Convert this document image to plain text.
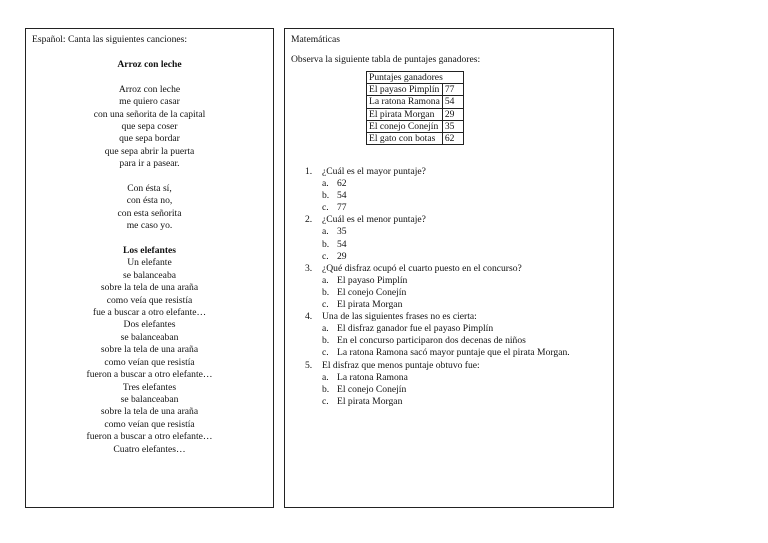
Español: Canta las siguientes canciones:
Arroz con leche
Arroz con leche
me quiero casar
con una señorita de la capital
que sepa coser
que sepa bordar
que sepa abrir la puerta
para ir a pasear.
Con ésta sí,
con ésta no,
con esta señorita
me caso yo.
Los elefantes
Un elefante
se balanceaba
sobre la tela de una araña
como veía que resistía
fue a buscar a otro elefante…
Dos elefantes
se balanceaban
sobre la tela de una araña
como veían que resistía
fueron a buscar a otro elefante…
Tres elefantes
se balanceaban
sobre la tela de una araña
como veían que resistía
fueron a buscar a otro elefante…
Cuatro elefantes…
Matemáticas
Observa la siguiente tabla de puntajes ganadores:
Puntajes ganadores	
El payaso Pimplín	77
La ratona Ramona	54
El pirata Morgan	29
El conejo Conejín	35
El gato con botas	62
1.	¿Cuál es el mayor puntaje?
a. 62
b. 54
c. 77
2.	¿Cuál es el menor puntaje?
a. 35
b. 54
c. 29
3.	¿Qué disfraz ocupó el cuarto puesto en el concurso?
a. El payaso Pimplín
b. El conejo Conejín
c. El pirata Morgan
4.	Una de las siguientes frases no es cierta:
a. El disfraz ganador fue el payaso Pimplín
b. En el concurso participaron dos decenas de niños
c. La ratona Ramona sacó mayor puntaje que el pirata Morgan.
5.	El disfraz que menos puntaje obtuvo fue:
a. La ratona Ramona
b. El conejo Conejín
c. El pirata Morgan
